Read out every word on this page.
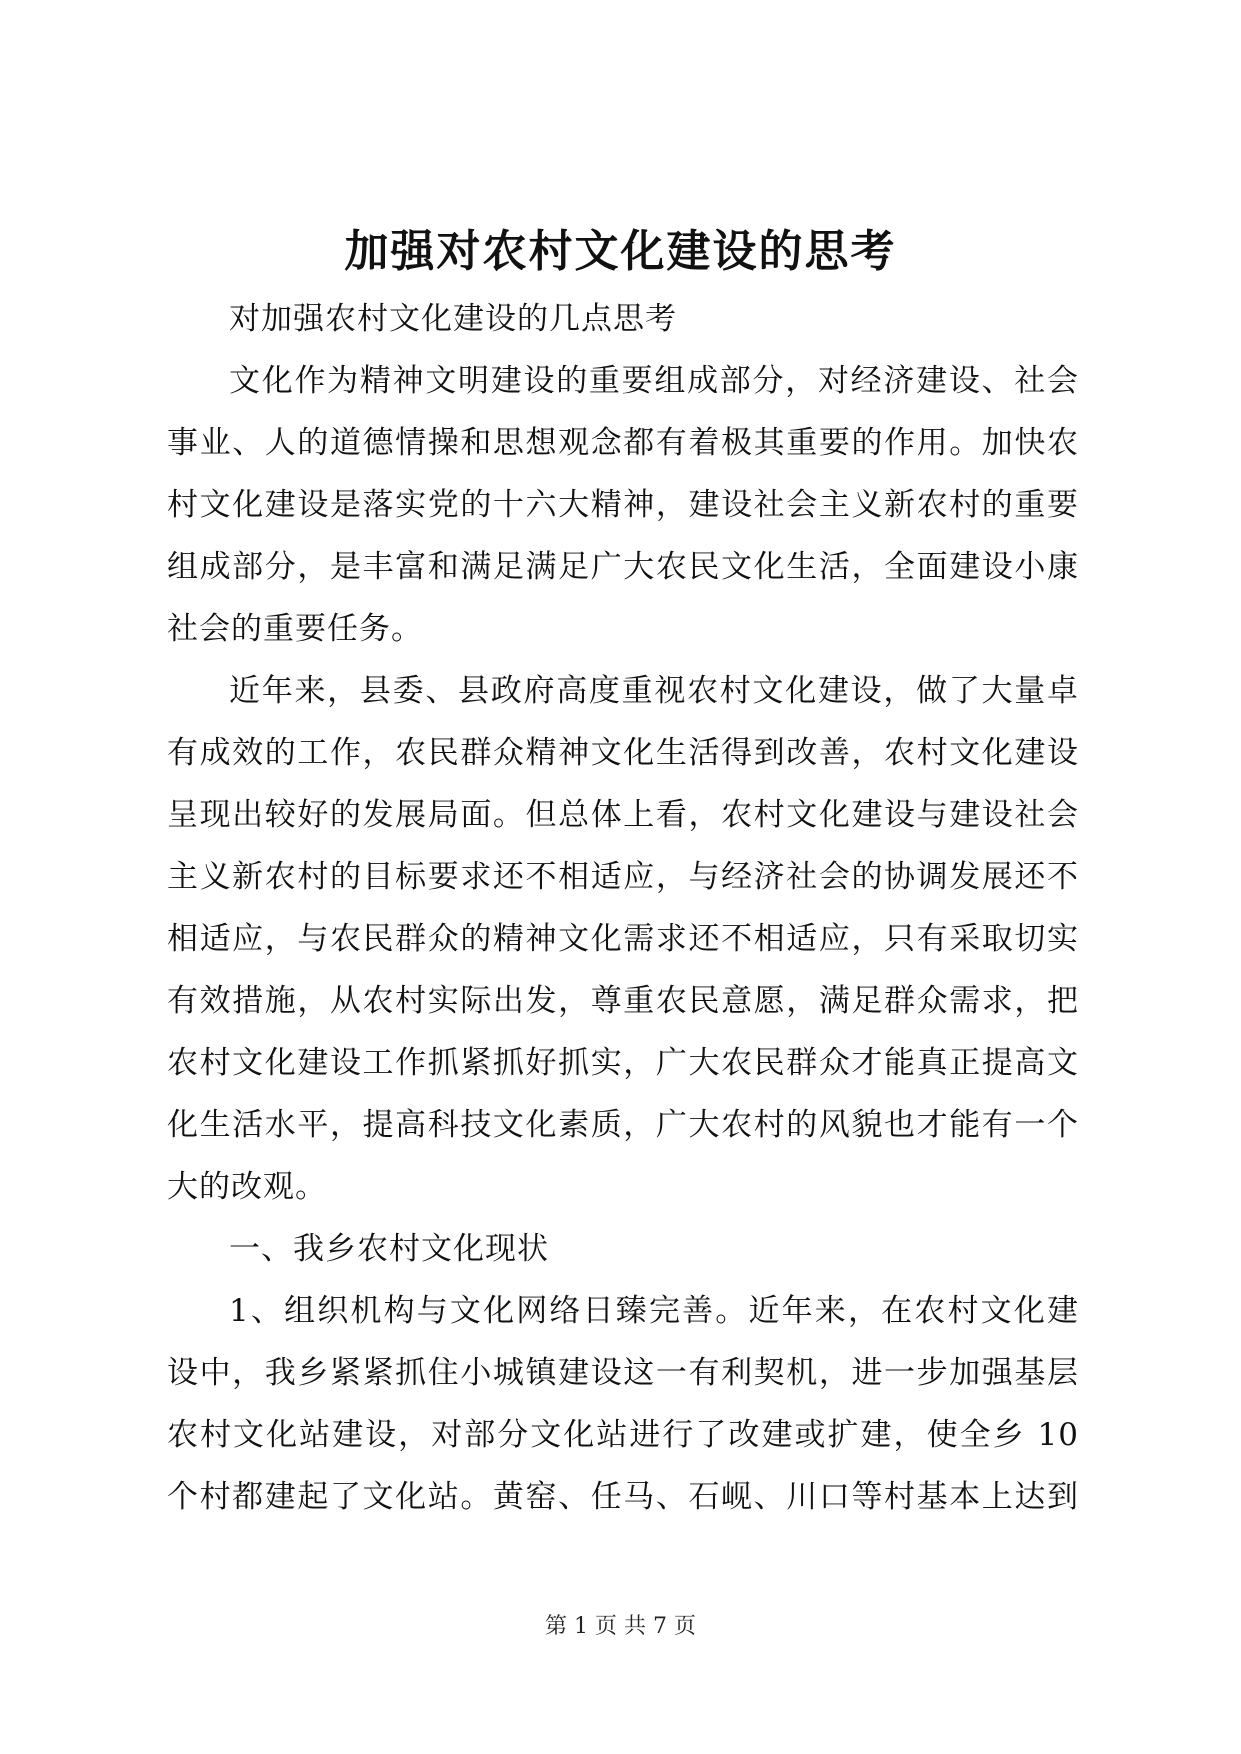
加强对农村文化建设的思考
对加强农村文化建设的几点思考
文化作为精神文明建设的重要组成部分，对经济建设、社会
事业、人的道德情操和思想观念都有着极其重要的作用。加快农
村文化建设是落实党的十六大精神，建设社会主义新农村的重要
组成部分，是丰富和满足满足广大农民文化生活，全面建设小康
社会的重要任务。
近年来，县委、县政府高度重视农村文化建设，做了大量卓
有成效的工作，农民群众精神文化生活得到改善，农村文化建设
呈现出较好的发展局面。但总体上看，农村文化建设与建设社会
主义新农村的目标要求还不相适应，与经济社会的协调发展还不
相适应，与农民群众的精神文化需求还不相适应，只有采取切实
有效措施，从农村实际出发，尊重农民意愿，满足群众需求，把
农村文化建设工作抓紧抓好抓实，广大农民群众才能真正提高文
化生活水平，提高科技文化素质，广大农村的风貌也才能有一个
大的改观。
一、我乡农村文化现状
1、组织机构与文化网络日臻完善。近年来，在农村文化建
设中，我乡紧紧抓住小城镇建设这一有利契机，进一步加强基层
农村文化站建设，对部分文化站进行了改建或扩建，使全乡 10
个村都建起了文化站。黄窑、任马、石岘、川口等村基本上达到
第 1 页 共 7 页
